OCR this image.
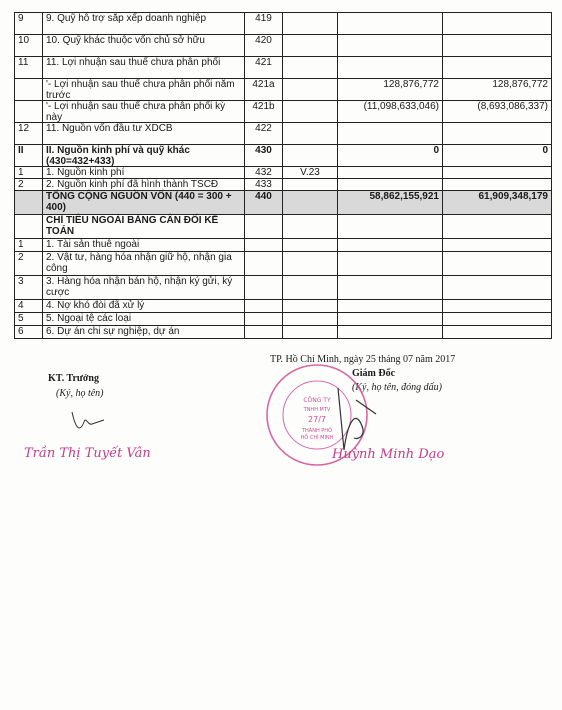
9	9. Quỹ hỗ trợ sắp xếp doanh nghiệp	419			
10	10. Quỹ khác thuộc vốn chủ sở hữu	420			
11	11. Lợi nhuận sau thuế chưa phân phối	421			

	'- Lợi nhuận sau thuế chưa phân phối năm trước	421a		128,876,772	128,876,772

	'- Lợi nhuận sau thuế chưa phân phối kỳ này	421b		(11,098,633,046)	(8,693,086,337)
12	11. Nguồn vốn đầu tư XDCB	422			
II	II. Nguồn kinh phí và quỹ khác (430=432+433)	430		0	0
1	1. Nguồn kinh phí	432	V.23		
2	2. Nguồn kinh phí đã hình thành TSCĐ	433			
	TỔNG CỘNG NGUỒN VỐN (440 = 300 + 400)	440		58,862,155,921	61,909,348,179
	CHỈ TIÊU NGOÀI BẢNG CÂN ĐỐI KẾ TOÁN				
1	1. Tài sản thuê ngoài				
2	2. Vật tư, hàng hóa nhận giữ hộ, nhận gia công				
3	3. Hàng hóa nhận bán hộ, nhận ký gửi, ký cược				
4	4. Nợ khó đòi đã xử lý				
5	5. Ngoại tệ các loại				
6	6. Dự án chi sự nghiệp, dự án				
TP. Hồ Chí Minh, ngày 25 tháng 07 năm 2017
KT. Trưởng
(Ký, họ tên)
Trần Thị Tuyết Vân
Giám Đốc
(Ký, họ tên, đóng dấu)
CÔNG TY
TNHH MTV
27/7
THÀNH PHỐ
HỒ CHÍ MINH
Huỳnh Minh Dạo
